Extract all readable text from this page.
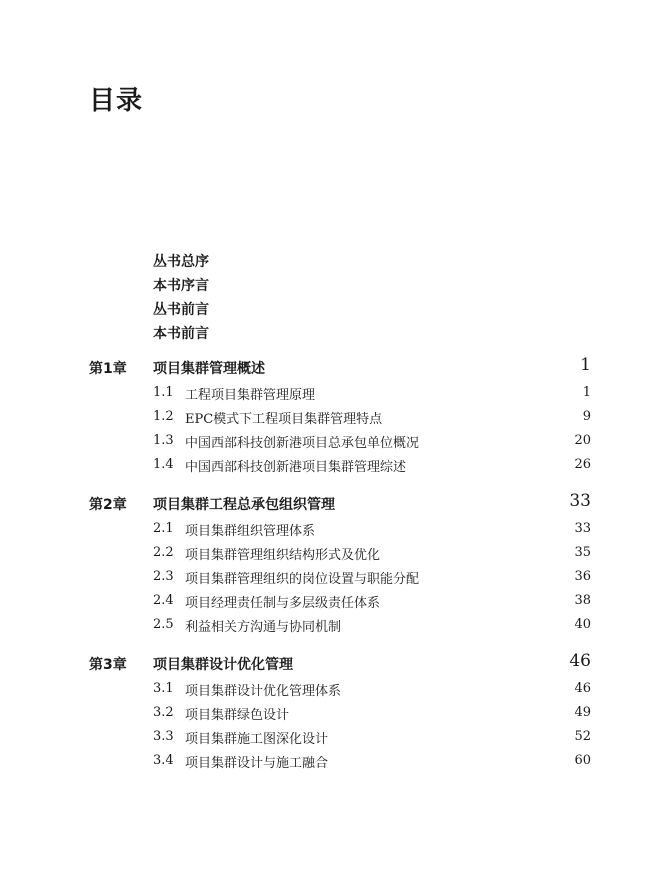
目录
丛书总序
本书序言
丛书前言
本书前言
第1章 项目集群管理概述	1
1.1 工程项目集群管理原理	1
1.2 EPC模式下工程项目集群管理特点	9
1.3 中国西部科技创新港项目总承包单位概况	20
1.4 中国西部科技创新港项目集群管理综述	26
第2章 项目集群工程总承包组织管理	33
2.1 项目集群组织管理体系	33
2.2 项目集群管理组织结构形式及优化	35
2.3 项目集群管理组织的岗位设置与职能分配	36
2.4 项目经理责任制与多层级责任体系	38
2.5 利益相关方沟通与协同机制	40
第3章 项目集群设计优化管理	46
3.1 项目集群设计优化管理体系	46
3.2 项目集群绿色设计	49
3.3 项目集群施工图深化设计	52
3.4 项目集群设计与施工融合	60
